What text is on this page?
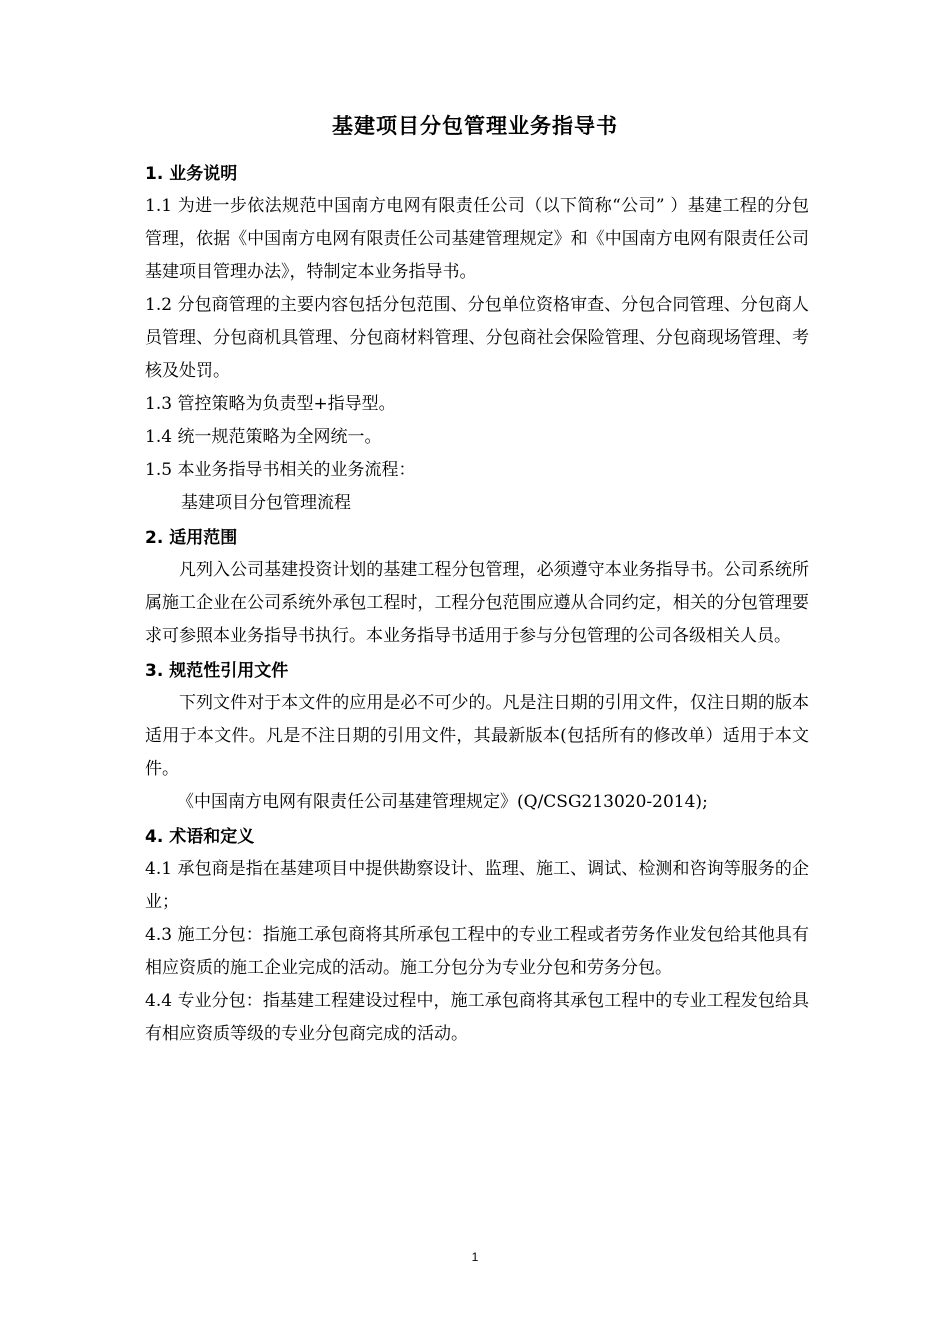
基建项目分包管理业务指导书
1. 业务说明
1.1 为进一步依法规范中国南方电网有限责任公司（以下简称“公司” ）基建工程的分包管理，依据《中国南方电网有限责任公司基建管理规定》和《中国南方电网有限责任公司基建项目管理办法》，特制定本业务指导书。
1.2 分包商管理的主要内容包括分包范围、分包单位资格审查、分包合同管理、分包商人员管理、分包商机具管理、分包商材料管理、分包商社会保险管理、分包商现场管理、考核及处罚。
1.3 管控策略为负责型+指导型。
1.4 统一规范策略为全网统一。
1.5 本业务指导书相关的业务流程：
基建项目分包管理流程
2. 适用范围
凡列入公司基建投资计划的基建工程分包管理，必须遵守本业务指导书。公司系统所属施工企业在公司系统外承包工程时，工程分包范围应遵从合同约定，相关的分包管理要求可参照本业务指导书执行。本业务指导书适用于参与分包管理的公司各级相关人员。
3. 规范性引用文件
下列文件对于本文件的应用是必不可少的。凡是注日期的引用文件，仅注日期的版本适用于本文件。凡是不注日期的引用文件，其最新版本(包括所有的修改单）适用于本文件。
《中国南方电网有限责任公司基建管理规定》(Q/CSG213020-2014);
4. 术语和定义
4.1 承包商是指在基建项目中提供勘察设计、监理、施工、调试、检测和咨询等服务的企业；
4.3 施工分包：指施工承包商将其所承包工程中的专业工程或者劳务作业发包给其他具有相应资质的施工企业完成的活动。施工分包分为专业分包和劳务分包。
4.4 专业分包：指基建工程建设过程中，施工承包商将其承包工程中的专业工程发包给具有相应资质等级的专业分包商完成的活动。
1
